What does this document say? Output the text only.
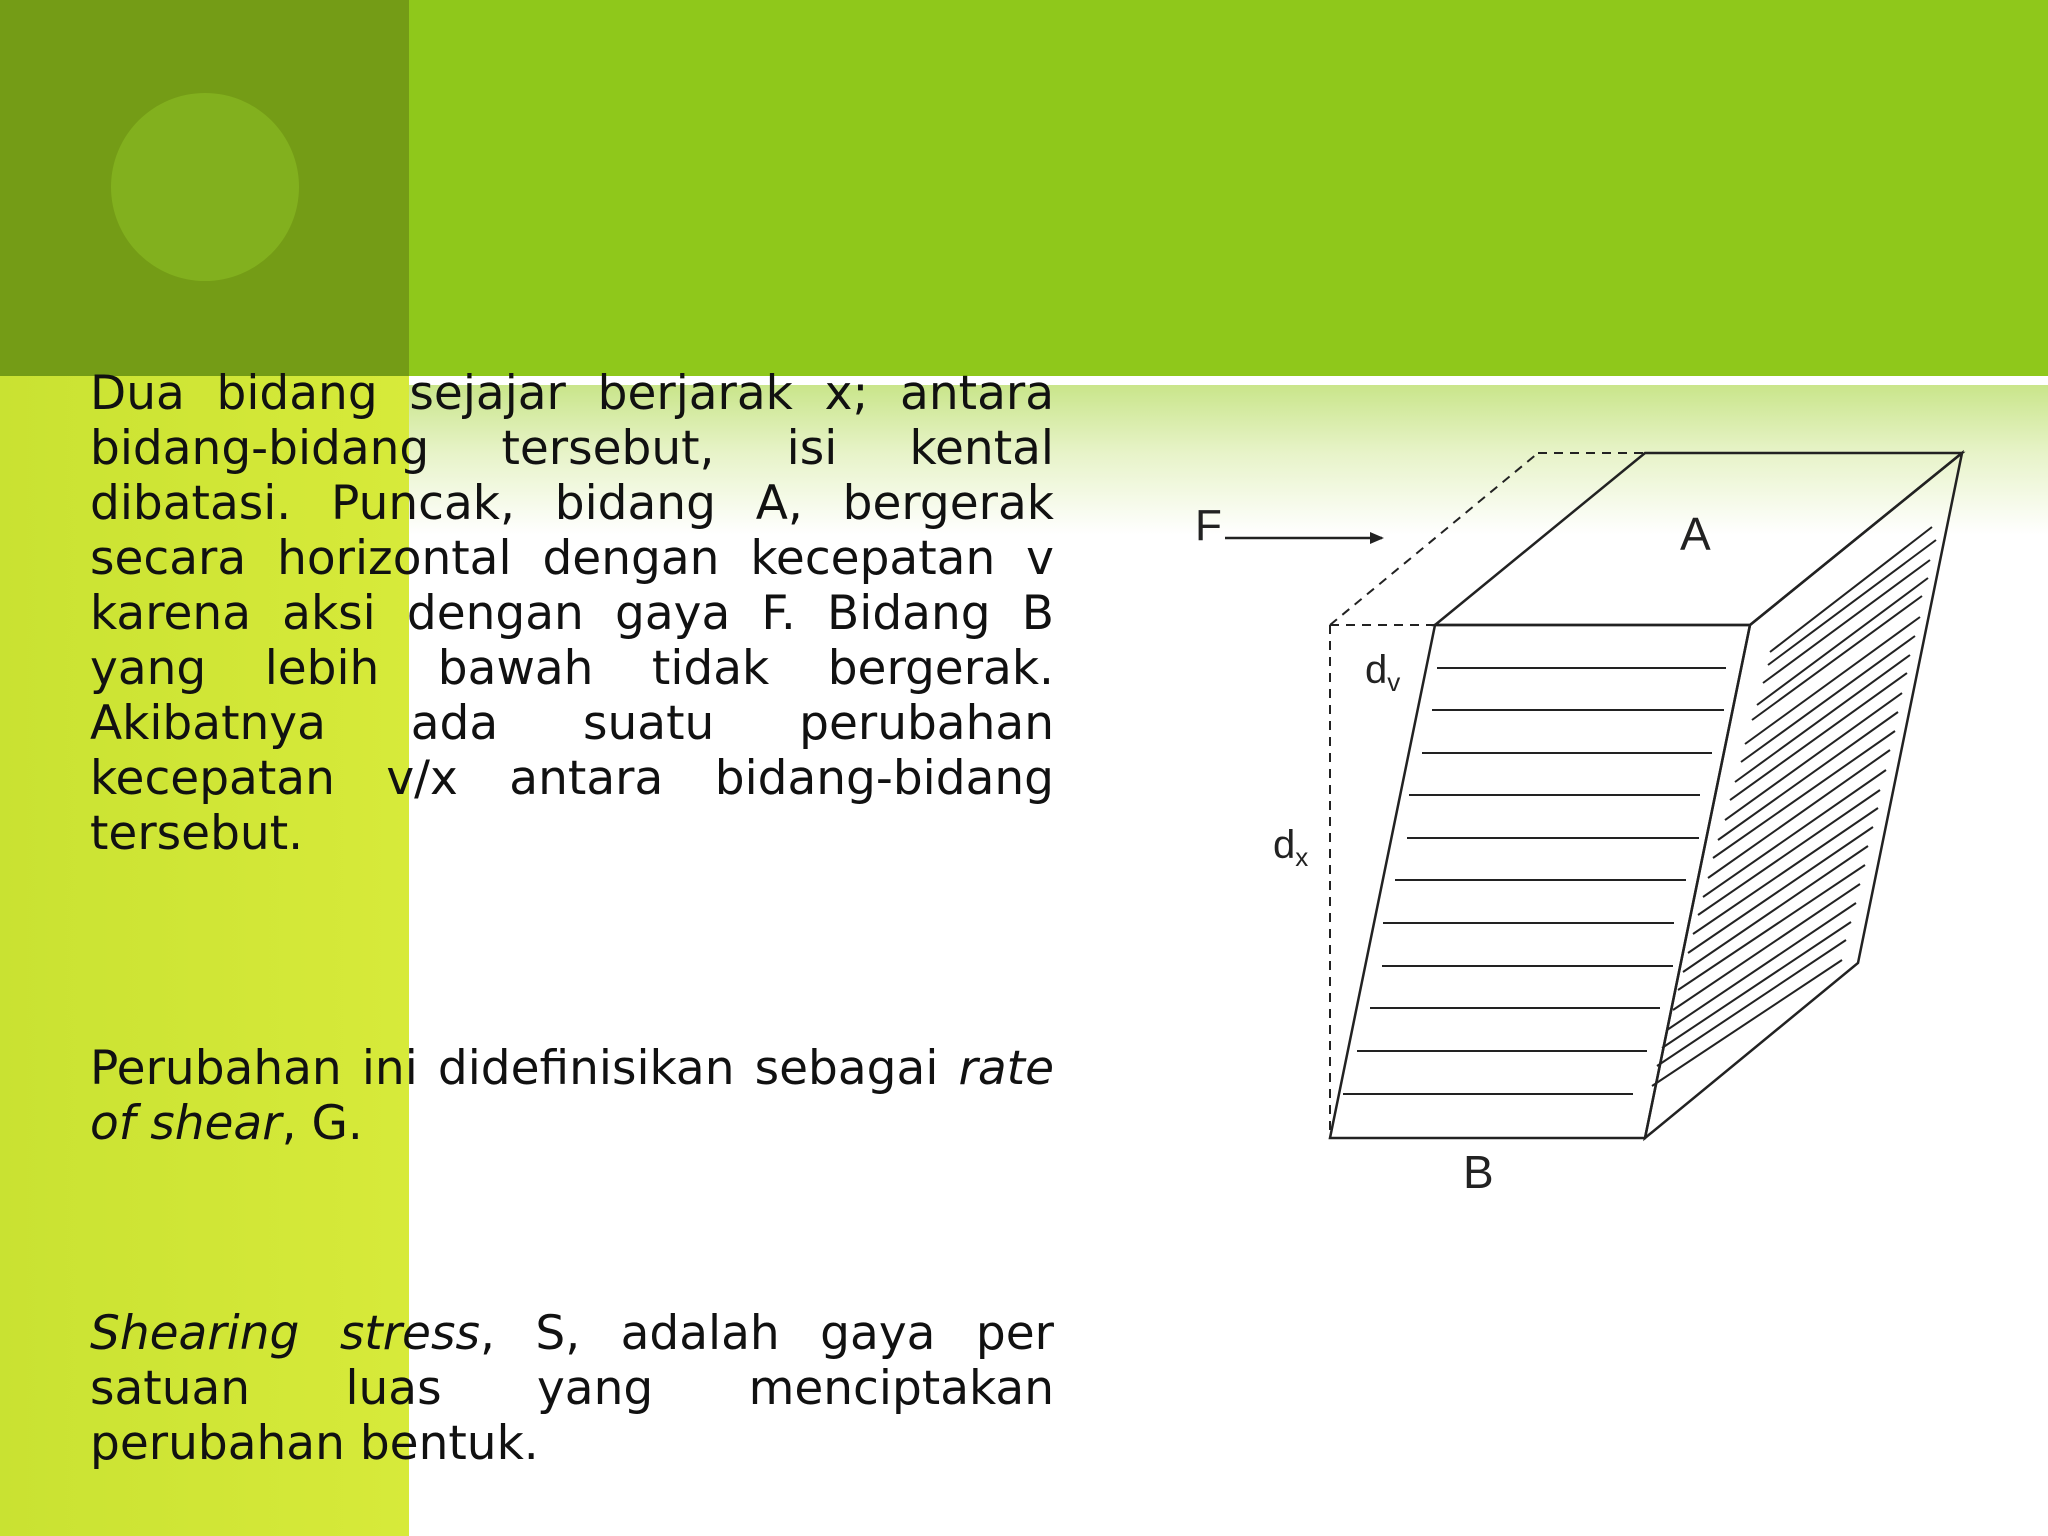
Dua bidang sejajar berjarak x; antara bidang-bidang tersebut, isi kental dibatasi. Puncak, bidang A, bergerak secara horizontal dengan kecepatan v karena aksi dengan gaya F. Bidang B yang lebih bawah tidak bergerak. Akibatnya ada suatu perubahan kecepatan v/x antara bidang-bidang tersebut.

Perubahan ini didefinisikan sebagai rate of shear, G.

Shearing stress, S, adalah gaya per satuan luas yang menciptakan perubahan bentuk.

F	A
B
$d_v$
$d_x$
